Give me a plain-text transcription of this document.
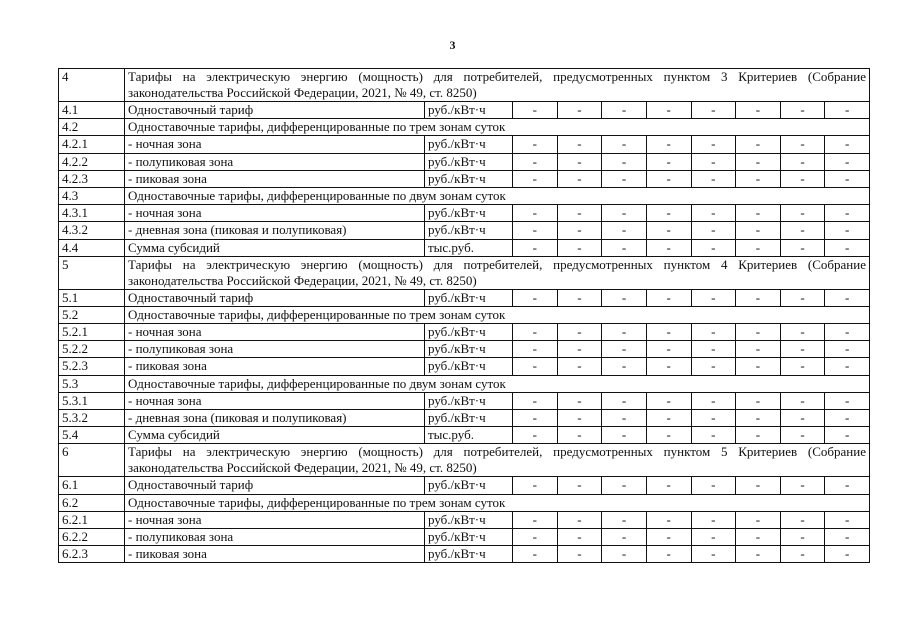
3
4	Тарифы на электрическую энергию (мощность) для потребителей, предусмотренных пунктом 3 Критериев (Собрание законодательства Российской Федерации, 2021, № 49, ст. 8250)									
4.1	Одноставочный тариф	руб./кВт·ч	-	-	-	-	-	-	-	-
4.2	Одноставочные тарифы, дифференцированные по трем зонам суток									
4.2.1	- ночная зона	руб./кВт·ч	-	-	-	-	-	-	-	-
4.2.2	- полупиковая зона	руб./кВт·ч	-	-	-	-	-	-	-	-
4.2.3	- пиковая зона	руб./кВт·ч	-	-	-	-	-	-	-	-
4.3	Одноставочные тарифы, дифференцированные по двум зонам суток									
4.3.1	- ночная зона	руб./кВт·ч	-	-	-	-	-	-	-	-
4.3.2	- дневная зона (пиковая и полупиковая)	руб./кВт·ч	-	-	-	-	-	-	-	-
4.4	Сумма субсидий	тыс.руб.	-	-	-	-	-	-	-	-
5	Тарифы на электрическую энергию (мощность) для потребителей, предусмотренных пунктом 4 Критериев (Собрание законодательства Российской Федерации, 2021, № 49, ст. 8250)									
5.1	Одноставочный тариф	руб./кВт·ч	-	-	-	-	-	-	-	-
5.2	Одноставочные тарифы, дифференцированные по трем зонам суток									
5.2.1	- ночная зона	руб./кВт·ч	-	-	-	-	-	-	-	-
5.2.2	- полупиковая зона	руб./кВт·ч	-	-	-	-	-	-	-	-
5.2.3	- пиковая зона	руб./кВт·ч	-	-	-	-	-	-	-	-
5.3	Одноставочные тарифы, дифференцированные по двум зонам суток									
5.3.1	- ночная зона	руб./кВт·ч	-	-	-	-	-	-	-	-
5.3.2	- дневная зона (пиковая и полупиковая)	руб./кВт·ч	-	-	-	-	-	-	-	-
5.4	Сумма субсидий	тыс.руб.	-	-	-	-	-	-	-	-
6	Тарифы на электрическую энергию (мощность) для потребителей, предусмотренных пунктом 5 Критериев (Собрание законодательства Российской Федерации, 2021, № 49, ст. 8250)									
6.1	Одноставочный тариф	руб./кВт·ч	-	-	-	-	-	-	-	-
6.2	Одноставочные тарифы, дифференцированные по трем зонам суток									
6.2.1	- ночная зона	руб./кВт·ч	-	-	-	-	-	-	-	-
6.2.2	- полупиковая зона	руб./кВт·ч	-	-	-	-	-	-	-	-
6.2.3	- пиковая зона	руб./кВт·ч	-	-	-	-	-	-	-	-
